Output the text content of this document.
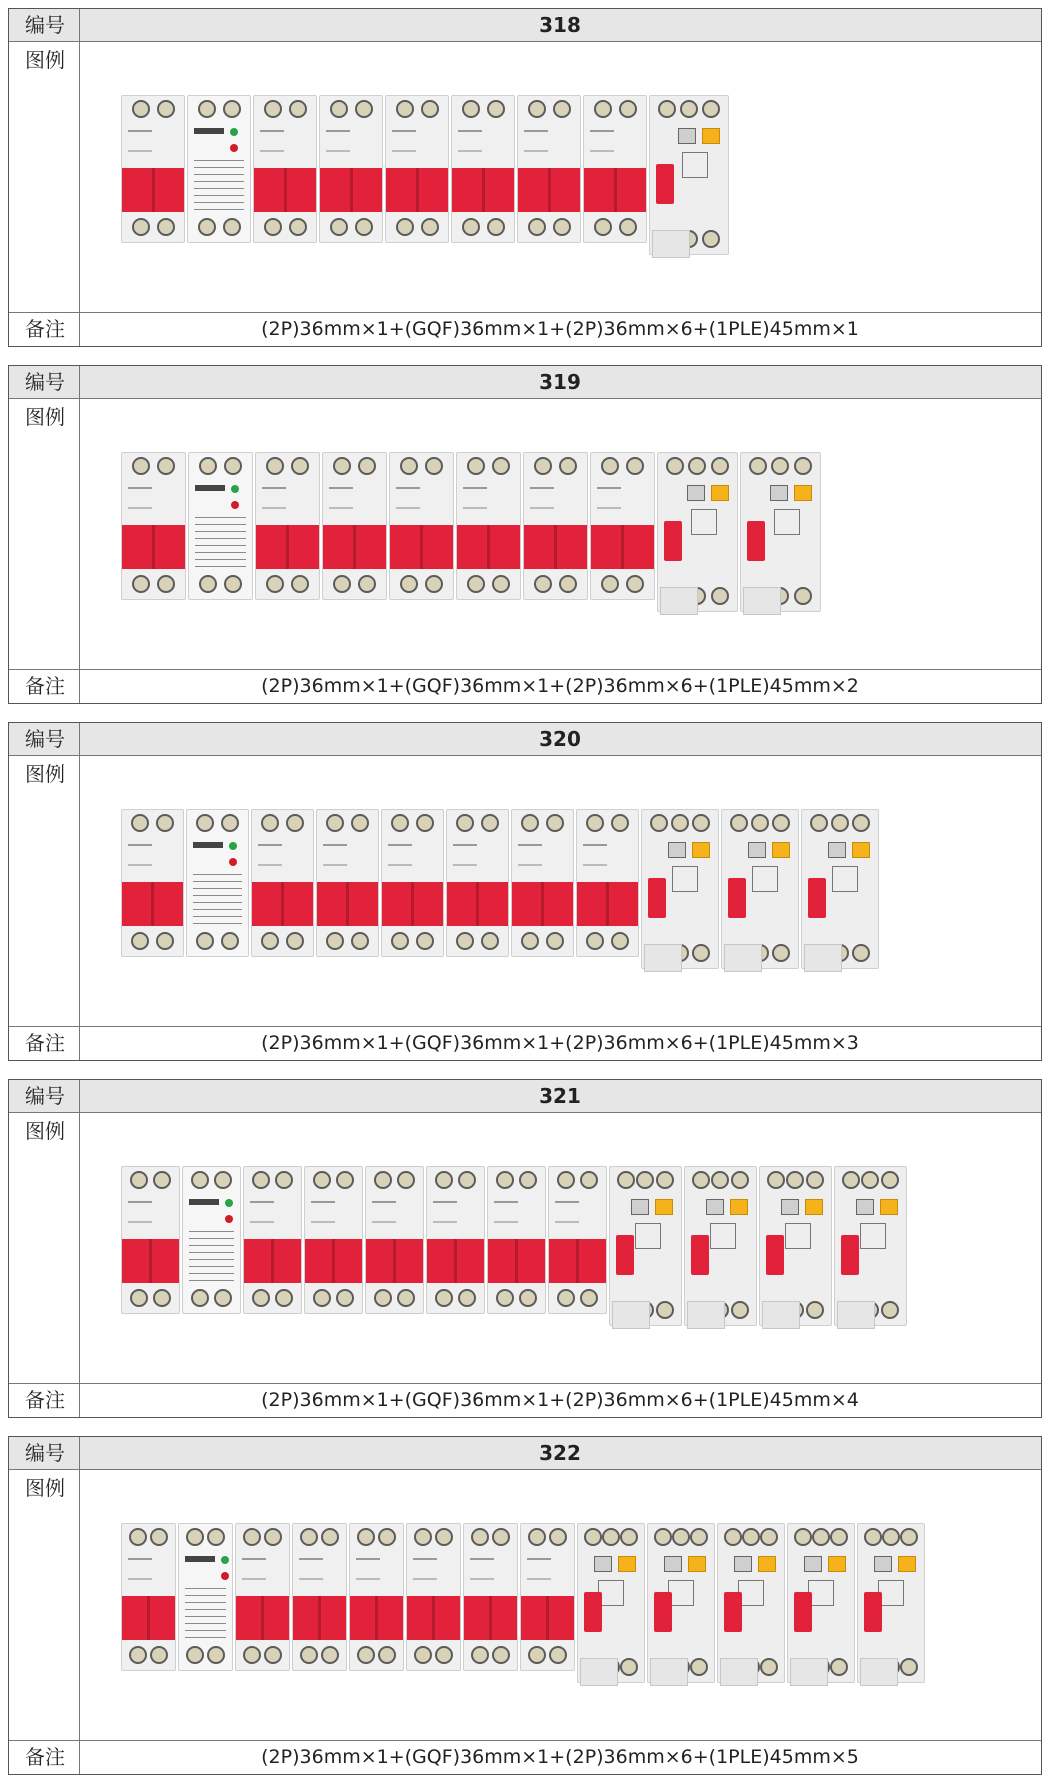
编号	318
图例
备注	(2P)36mm×1+(GQF)36mm×1+(2P)36mm×6+(1PLE)45mm×1
编号	319
图例
备注	(2P)36mm×1+(GQF)36mm×1+(2P)36mm×6+(1PLE)45mm×2
编号	320
图例
备注	(2P)36mm×1+(GQF)36mm×1+(2P)36mm×6+(1PLE)45mm×3
编号	321
图例
备注	(2P)36mm×1+(GQF)36mm×1+(2P)36mm×6+(1PLE)45mm×4
编号	322
图例
备注	(2P)36mm×1+(GQF)36mm×1+(2P)36mm×6+(1PLE)45mm×5
